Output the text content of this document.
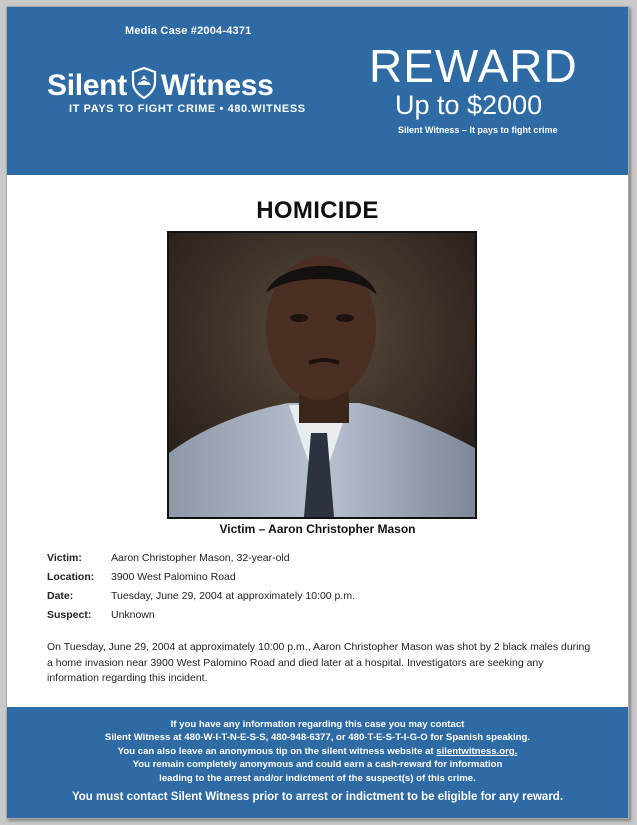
Media Case #2004-4371
Silent Witness
IT PAYS TO FIGHT CRIME • 480.WITNESS
REWARD
Up to $2000
Silent Witness – It pays to fight crime
HOMICIDE
Victim – Aaron Christopher Mason
Victim:	Aaron Christopher Mason, 32-year-old
Location:	3900 West Palomino Road
Date:	Tuesday, June 29, 2004 at approximately 10:00 p.m.
Suspect:	Unknown
On Tuesday, June 29, 2004 at approximately 10:00 p.m., Aaron Christopher Mason was shot by 2 black males during a home invasion near 3900 West Palomino Road and died later at a hospital. Investigators are seeking any information regarding this incident.
If you have any information regarding this case you may contact
Silent Witness at 480-W-I-T-N-E-S-S, 480-948-6377, or 480-T-E-S-T-I-G-O for Spanish speaking.
You can also leave an anonymous tip on the silent witness website at silentwitness.org.
You remain completely anonymous and could earn a cash-reward for information
leading to the arrest and/or indictment of the suspect(s) of this crime.
You must contact Silent Witness prior to arrest or indictment to be eligible for any reward.
